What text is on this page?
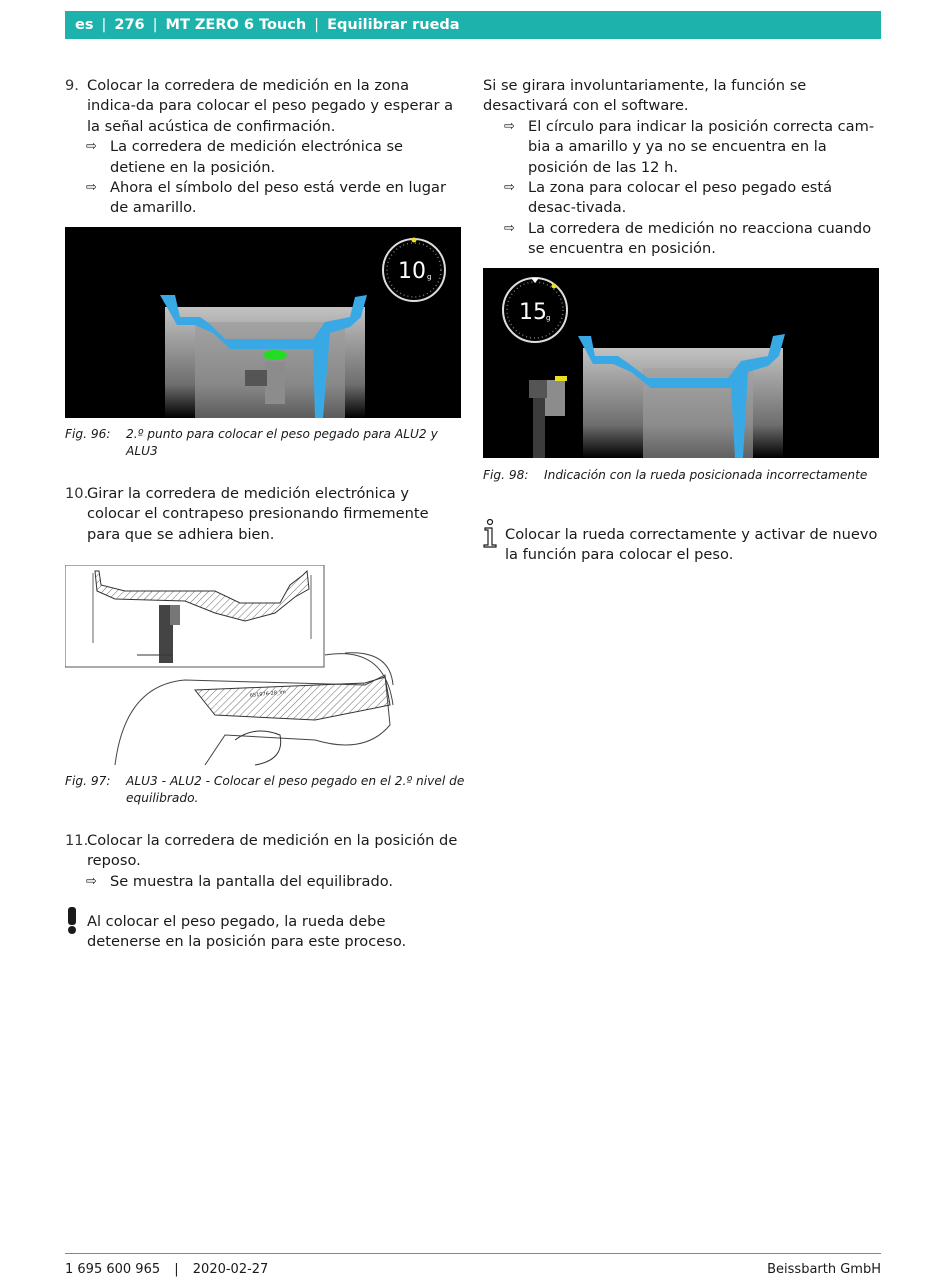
es | 276 | MT ZERO 6 Touch | Equilibrar rueda
9. Colocar la corredera de medición en la zona indica-da para colocar el peso pegado y esperar a la señal acústica de confirmación.
⇨ La corredera de medición electrónica se detiene en la posición.
⇨ Ahora el símbolo del peso está verde en lugar de amarillo.
10 g
Fig. 96: 2.º punto para colocar el peso pegado para ALU2 y ALU3
10.
Girar la corredera de medición electrónica y colocar el contrapeso presionando firmemente para que se adhiera bien.
651976-28_Im
Fig. 97: ALU3 - ALU2 - Colocar el peso pegado en el 2.º nivel de
equilibrado.
11.
Colocar la corredera de medición en la posición de reposo.
⇨ Se muestra la pantalla del equilibrado.
Al colocar el peso pegado, la rueda debe detenerse en la posición para este proceso.
Si se girara involuntariamente, la función se desactivará con el software.
⇨ El círculo para indicar la posición correcta cam-bia a amarillo y ya no se encuentra en la posición de las 12 h.
⇨ La zona para colocar el peso pegado está desac-tivada.
⇨ La corredera de medición no reacciona cuando se encuentra en posición.
15 g
Fig. 98: Indicación con la rueda posicionada incorrectamente
Colocar la rueda correctamente y activar de nuevo la función para colocar el peso.
1 695 600 965 | 2020-02-27	Beissbarth GmbH
